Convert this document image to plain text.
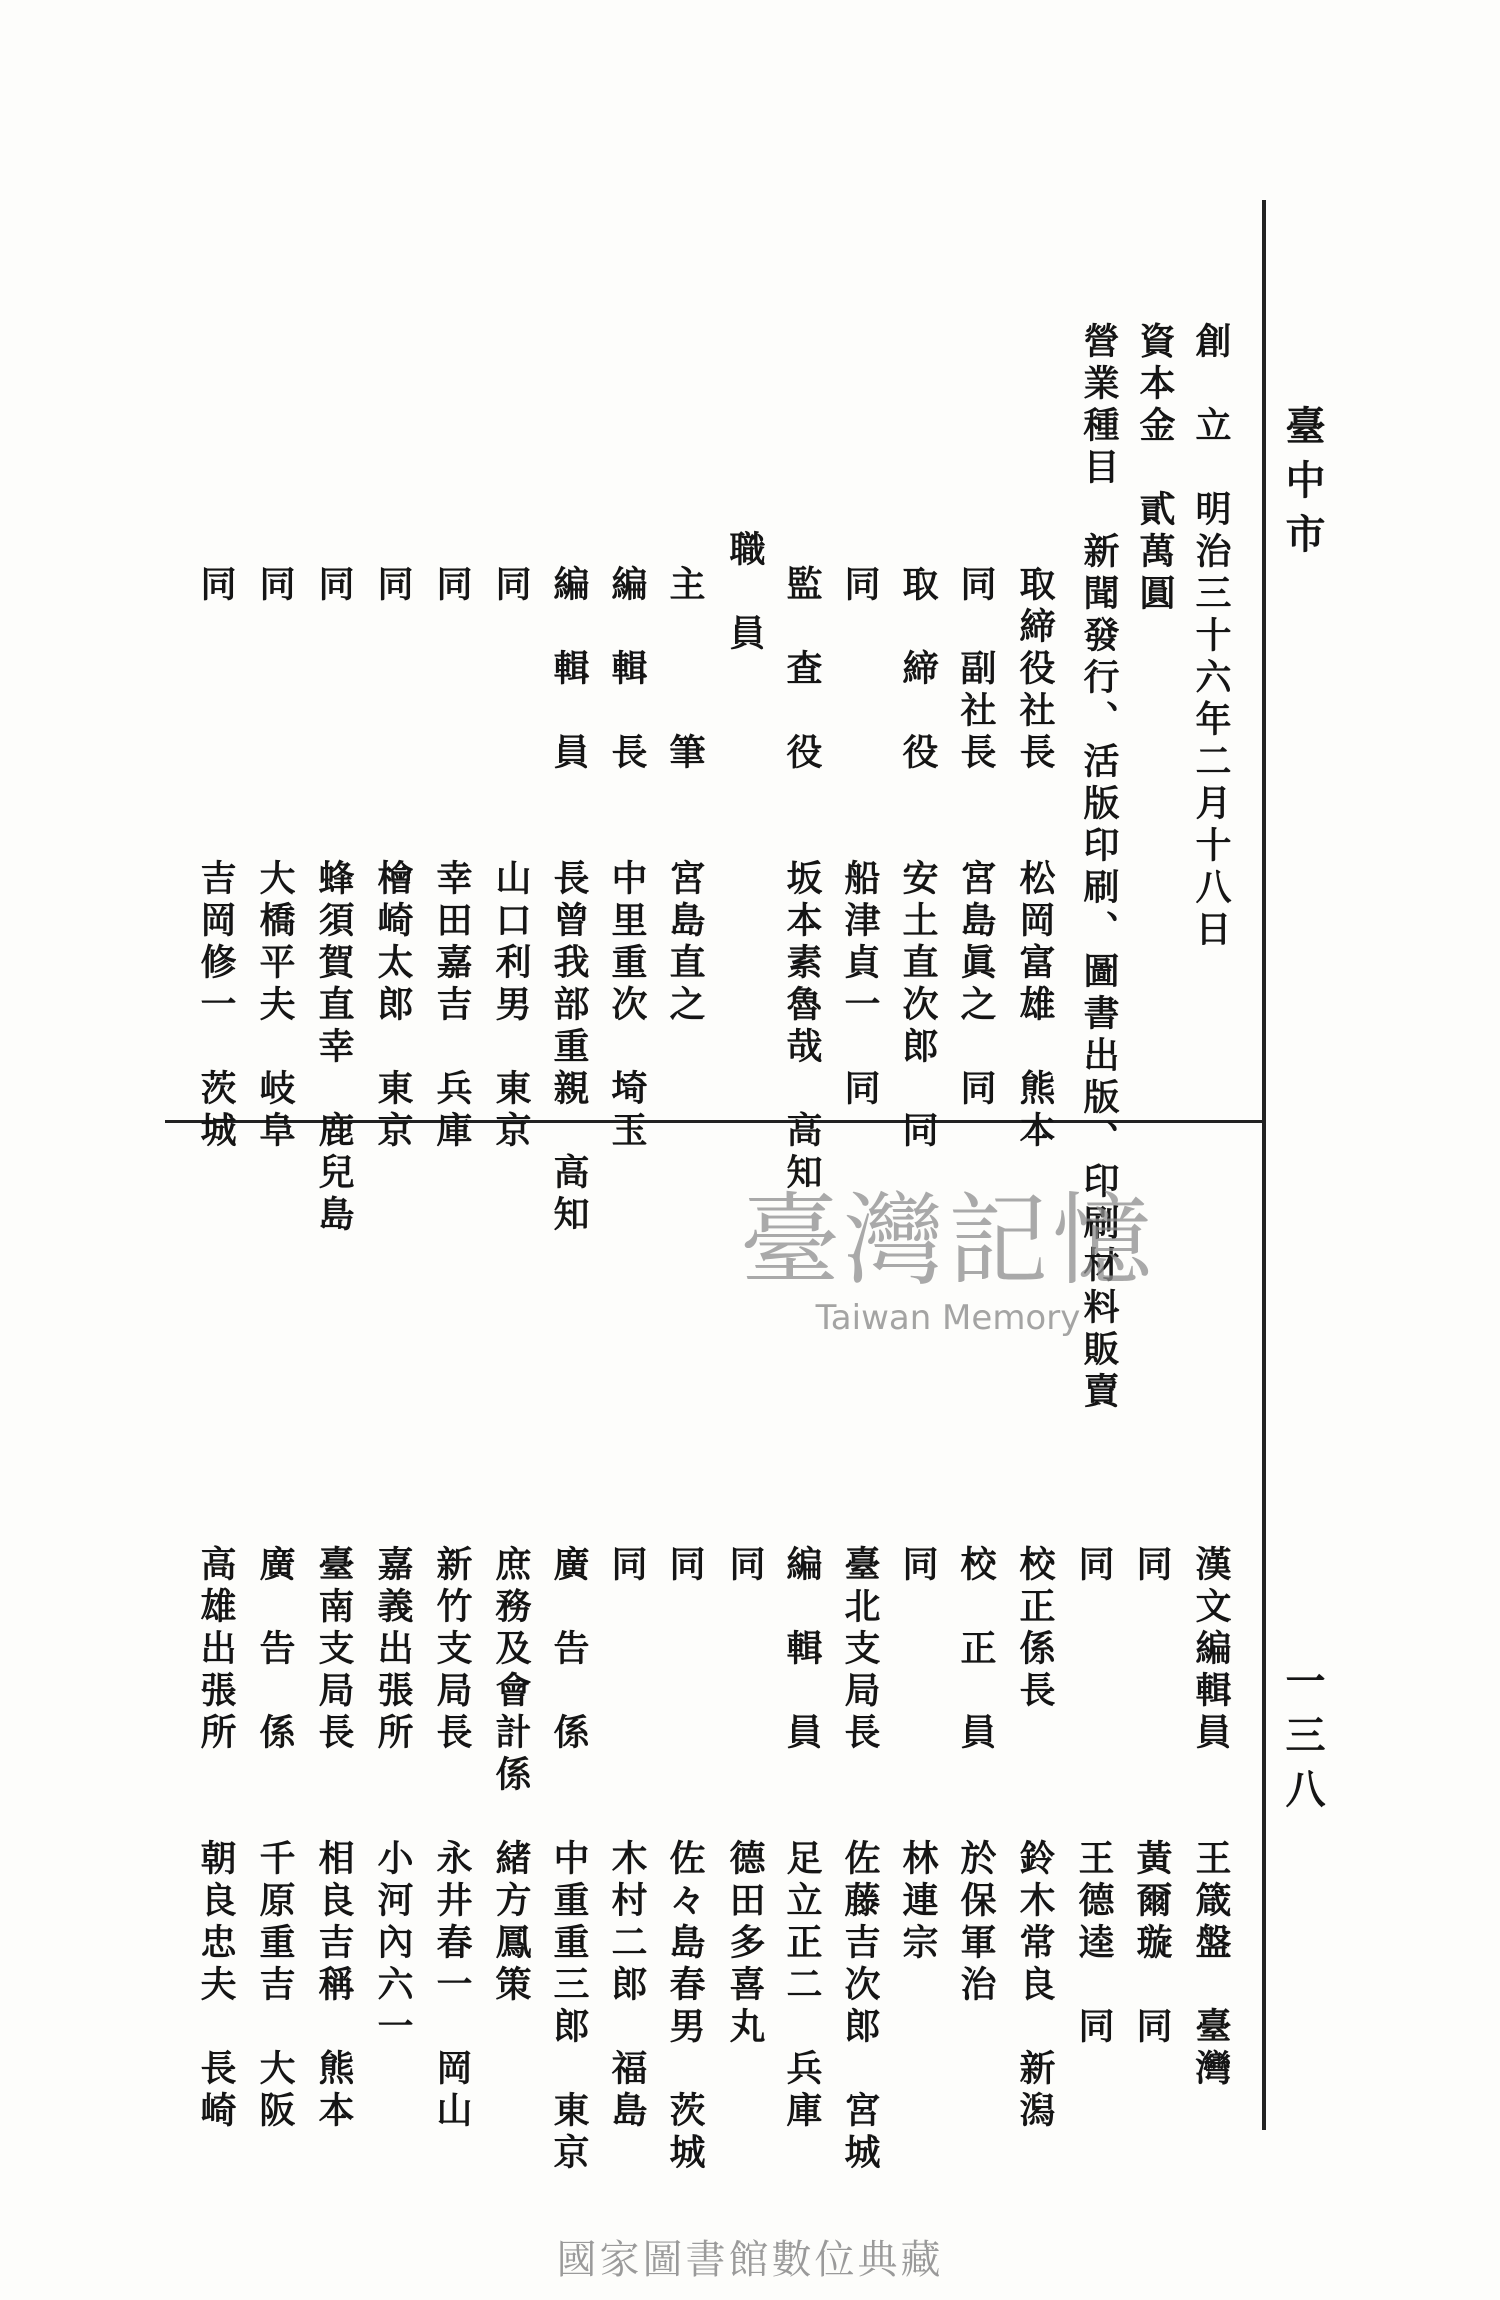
臺中市
一三八
創　立　明治三十六年二月十八日
資本金　貳萬圓
營業種目　新聞發行、活版印刷、圖書出版、印刷材料販賣
取締役社長　　松岡富雄　熊本
同　副社長　　宮島眞之　同
取　締　役　　安土直次郎　同
同　　　　　　船津貞一　同
監　査　役　　坂本素魯哉　高知
職　員
主　　　筆　　宮島直之
編　輯　長　　中里重次　埼玉
編　輯　員　　長曾我部重親　高知
同　　　　　　山口利男　東京
同　　　　　　幸田嘉吉　兵庫
同　　　　　　檜崎太郎　東京
同　　　　　　蜂須賀直幸　鹿兒島
同　　　　　　大橋平夫　岐阜
同　　　　　　吉岡修一　茨城
漢文編輯員　　王箴盤　臺灣
同　　　　　　黃爾璇　同
同　　　　　　王德逵　同
校正係長　　　鈴木常良　新潟
校　正　員　　於保軍治
同　　　　　　林連宗
臺北支局長　　佐藤吉次郎　宮城
編　輯　員　　足立正二　兵庫
同　　　　　　德田多喜丸
同　　　　　　佐々島春男　茨城
同　　　　　　木村二郎　福島
廣　告　係　　中重重三郎　東京
庶務及會計係　緒方鳳策
新竹支局長　　永井春一　岡山
嘉義出張所　　小河內六一
臺南支局長　　相良吉稱　熊本
廣　告　係　　千原重吉　大阪
高雄出張所　　朝良忠夫　長崎
臺灣記憶
Taiwan Memory
國家圖書館數位典藏
